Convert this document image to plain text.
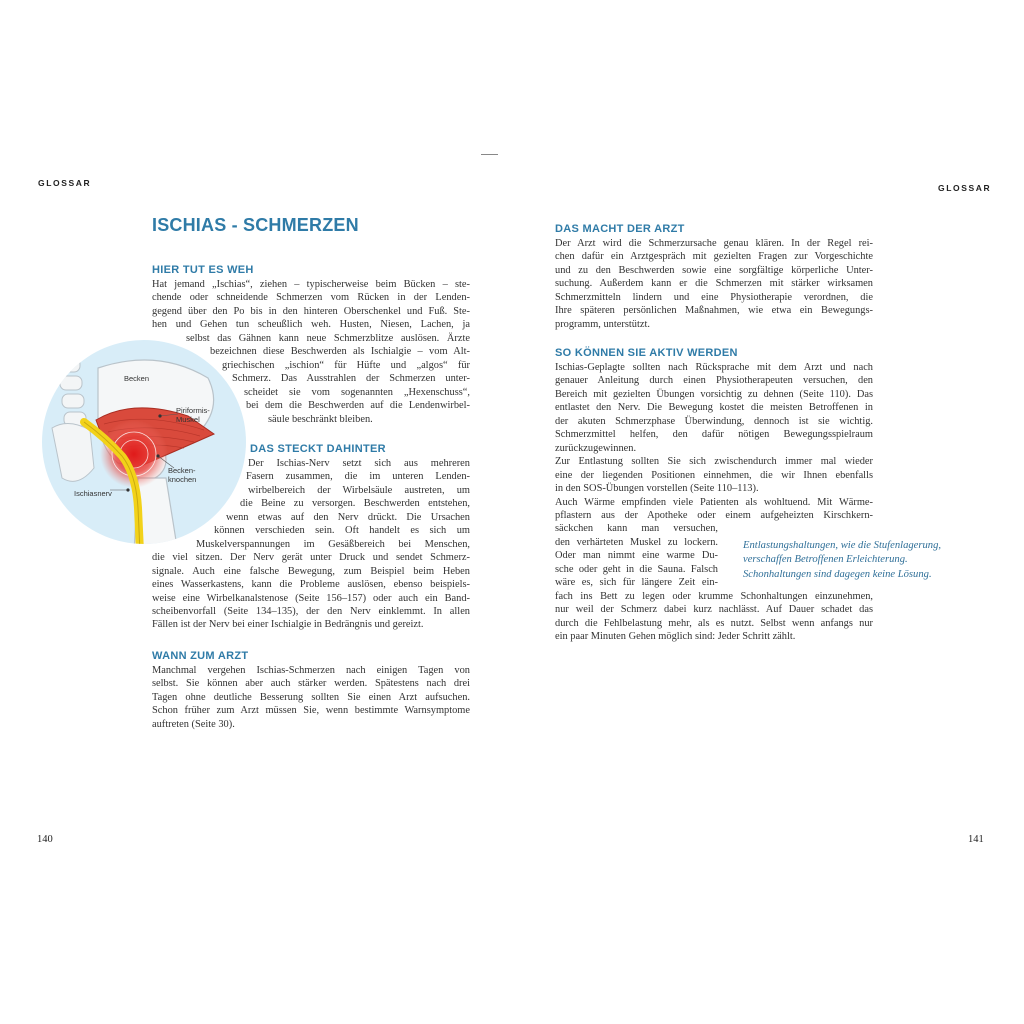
GLOSSAR	GLOSSAR
ISCHIAS - SCHMERZEN
Becken
Piriformis-
Muskel
Becken-
knochen
Ischiasnerv
HIER TUT ES WEH
Hat jemand „Ischias“, ziehen – typischerweise beim Bücken – ste-
chende oder schneidende Schmerzen vom Rücken in der Lenden-
gegend über den Po bis in den hinteren Oberschenkel und Fuß. Ste-
hen und Gehen tun scheußlich weh. Husten, Niesen, Lachen, ja
selbst das Gähnen kann neue Schmerzblitze auslösen. Ärzte
bezeichnen diese Beschwerden als Ischialgie – vom Alt-
griechischen „ischion“ für Hüfte und „algos“ für
Schmerz. Das Ausstrahlen der Schmerzen unter-
scheidet sie vom sogenannten „Hexenschuss“,
bei dem die Beschwerden auf die Lendenwirbel-
säule beschränkt bleiben.
DAS STECKT DAHINTER
Der Ischias-Nerv setzt sich aus mehreren
Fasern zusammen, die im unteren Lenden-
wirbelbereich der Wirbelsäule austreten, um
die Beine zu versorgen. Beschwerden entstehen,
wenn etwas auf den Nerv drückt. Die Ursachen
können verschieden sein. Oft handelt es sich um
Muskelverspannungen im Gesäßbereich bei Menschen,
die viel sitzen. Der Nerv gerät unter Druck und sendet Schmerz-
signale. Auch eine falsche Bewegung, zum Beispiel beim Heben
eines Wasserkastens, kann die Probleme auslösen, ebenso beispiels-
weise eine Wirbelkanalstenose (Seite 156–157) oder auch ein Band-
scheibenvorfall (Seite 134–135), der den Nerv einklemmt. In allen
Fällen ist der Nerv bei einer Ischialgie in Bedrängnis und gereizt.
WANN ZUM ARZT
Manchmal vergehen Ischias-Schmerzen nach einigen Tagen von
selbst. Sie können aber auch stärker werden. Spätestens nach drei
Tagen ohne deutliche Besserung sollten Sie einen Arzt aufsuchen.
Schon früher zum Arzt müssen Sie, wenn bestimmte Warnsymptome
auftreten (Seite 30).
DAS MACHT DER ARZT
Der Arzt wird die Schmerzursache genau klären. In der Regel rei-
chen dafür ein Arztgespräch mit gezielten Fragen zur Vorgeschichte
und zu den Beschwerden sowie eine sorgfältige körperliche Unter-
suchung. Außerdem kann er die Schmerzen mit stärker wirksamen
Schmerzmitteln lindern und eine Physiotherapie verordnen, die
Ihre späteren persönlichen Maßnahmen, wie etwa ein Bewegungs-
programm, unterstützt.
SO KÖNNEN SIE AKTIV WERDEN
Ischias-Geplagte sollten nach Rücksprache mit dem Arzt und nach
genauer Anleitung durch einen Physiotherapeuten versuchen, den
Bereich mit gezielten Übungen vorsichtig zu dehnen (Seite 110). Das
entlastet den Nerv. Die Bewegung kostet die meisten Betroffenen in
der akuten Schmerzphase Überwindung, dennoch ist sie wichtig.
Schmerzmittel helfen, den dafür nötigen Bewegungsspielraum
zurückzugewinnen.
Zur Entlastung sollten Sie sich zwischendurch immer mal wieder
eine der liegenden Positionen einnehmen, die wir Ihnen ebenfalls
in den SOS-Übungen vorstellen (Seite 110–113).
Auch Wärme empfinden viele Patienten als wohltuend. Mit Wärme-
pflastern aus der Apotheke oder einem aufgeheizten Kirschkern-
säckchen kann man versuchen,
den verhärteten Muskel zu lockern.
Oder man nimmt eine warme Du-
sche oder geht in die Sauna. Falsch
wäre es, sich für längere Zeit ein-
fach ins Bett zu legen oder krumme Schonhaltungen einzunehmen,
nur weil der Schmerz dabei kurz nachlässt. Auf Dauer schadet das
durch die Fehlbelastung mehr, als es nutzt. Selbst wenn anfangs nur
ein paar Minuten Gehen möglich sind: Jeder Schritt zählt.
Entlastungshaltungen, wie die Stufenlagerung,
verschaffen Betroffenen Erleichterung.
Schonhaltungen sind dagegen keine Lösung.
140	141
